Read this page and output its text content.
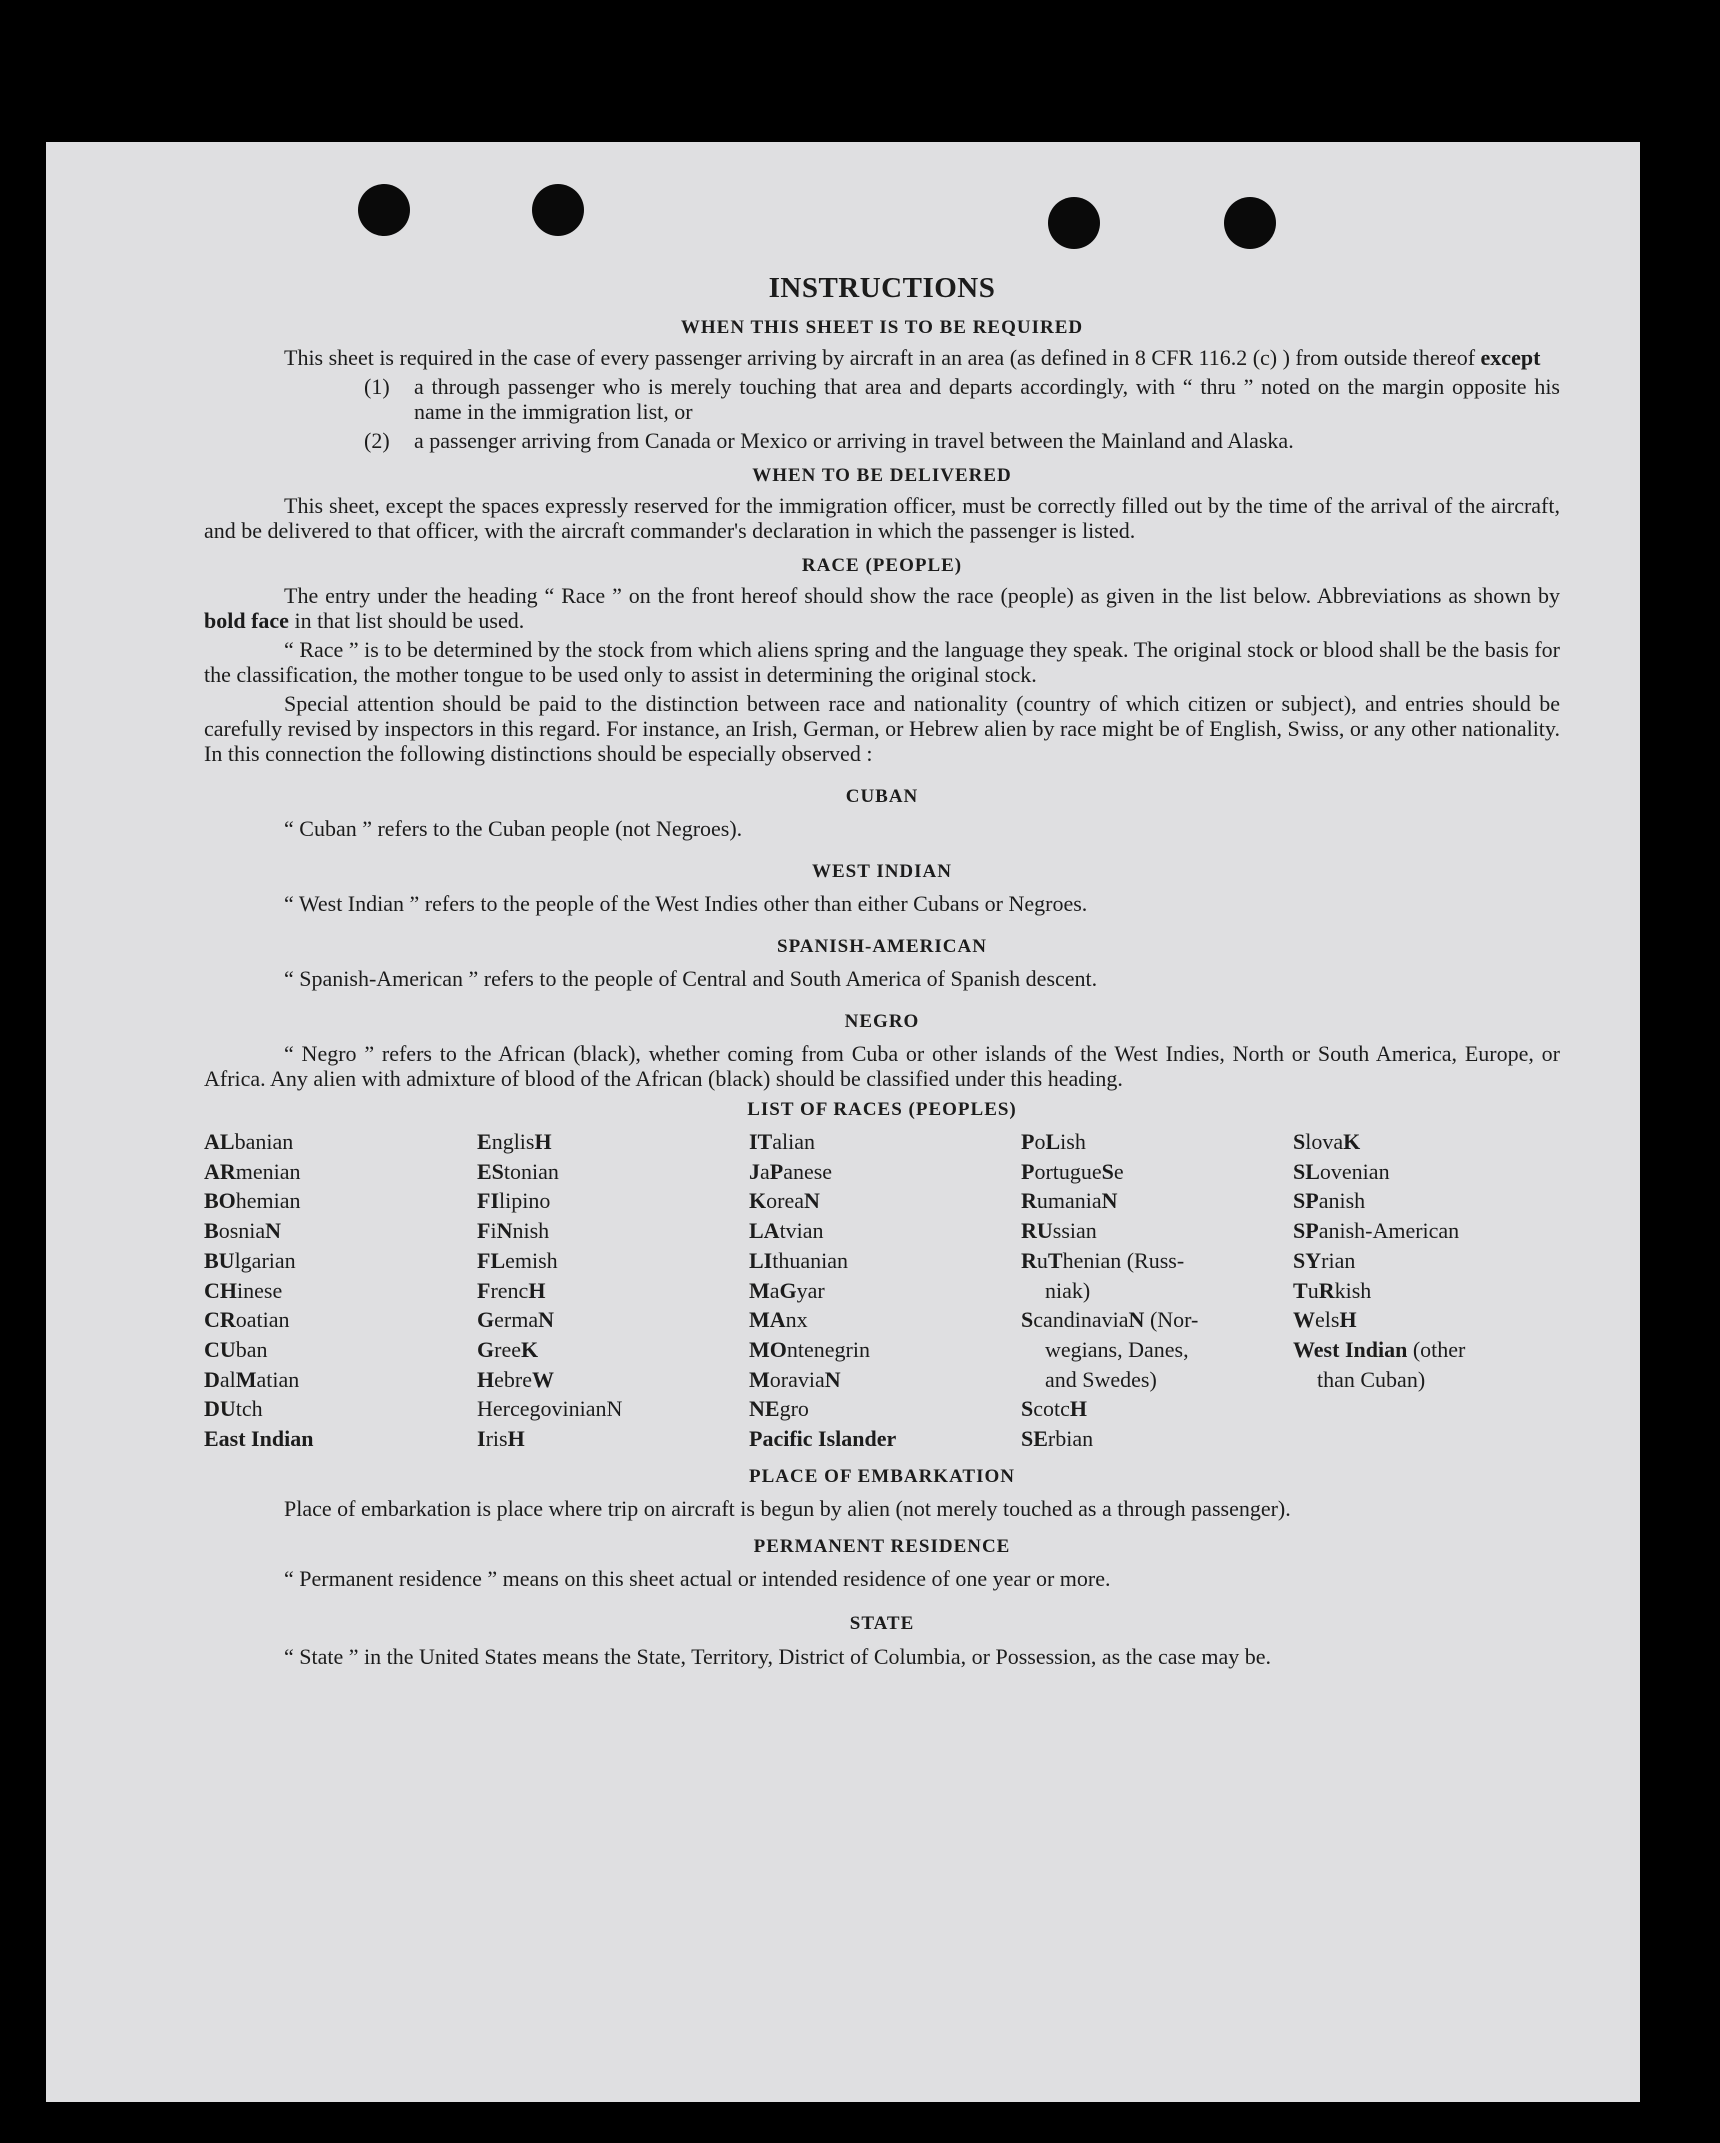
INSTRUCTIONS
WHEN THIS SHEET IS TO BE REQUIRED

This sheet is required in the case of every passenger arriving by aircraft in an area (as defined in 8 CFR 116.2 (c) ) from outside thereof except

(1)	a through passenger who is merely touching that area and departs accordingly, with “ thru ” noted on the margin opposite his name in the immigration list, or
(2)	a passenger arriving from Canada or Mexico or arriving in travel between the Mainland and Alaska.
WHEN TO BE DELIVERED

This sheet, except the spaces expressly reserved for the immigration officer, must be correctly filled out by the time of the arrival of the aircraft, and be delivered to that officer, with the aircraft commander's declaration in which the passenger is listed.

RACE (PEOPLE)

The entry under the heading “ Race ” on the front hereof should show the race (people) as given in the list below. Abbreviations as shown by bold face in that list should be used.

“ Race ” is to be determined by the stock from which aliens spring and the language they speak. The original stock or blood shall be the basis for the classification, the mother tongue to be used only to assist in determining the original stock.

Special attention should be paid to the distinction between race and nationality (country of which citizen or subject), and entries should be carefully revised by inspectors in this regard. For instance, an Irish, German, or Hebrew alien by race might be of English, Swiss, or any other nationality. In this connection the following distinctions should be especially observed :

CUBAN
“ Cuban ” refers to the Cuban people (not Negroes).
WEST INDIAN
“ West Indian ” refers to the people of the West Indies other than either Cubans or Negroes.
SPANISH-AMERICAN
“ Spanish-American ” refers to the people of Central and South America of Spanish descent.
NEGRO

“ Negro ” refers to the African (black), whether coming from Cuba or other islands of the West Indies, North or South America, Europe, or Africa. Any alien with admixture of blood of the African (black) should be classified under this heading.

LIST OF RACES (PEOPLES)
ALbanian	EnglisH	ITalian	PoLish	SlovaK
ARmenian	EStonian	JaPanese	PortugueSe	SLovenian
BOhemian	FIlipino	KoreaN	RumaniaN	SPanish
BosniaN	FiNnish	LAtvian	RUssian	SPanish-American
BUlgarian	FLemish	LIthuanian	RuThenian (Russ-	SYrian
CHinese	FrencH	MaGyar	niak)	TuRkish
CRoatian	GermaN	MAnx	ScandinaviaN (Nor-	WelsH
CUban	GreeK	MOntenegrin	wegians, Danes,	West Indian (other
DalMatian	HebreW	MoraviaN	and Swedes)	than Cuban)
DUtch	HercegovinianN	NEgro	ScotcH
East Indian	IrisH	Pacific Islander	SErbian
PLACE OF EMBARKATION

Place of embarkation is place where trip on aircraft is begun by alien (not merely touched as a through passenger).

PERMANENT RESIDENCE
“ Permanent residence ” means on this sheet actual or intended residence of one year or more.
STATE

“ State ” in the United States means the State, Territory, District of Columbia, or Possession, as the case may be.
